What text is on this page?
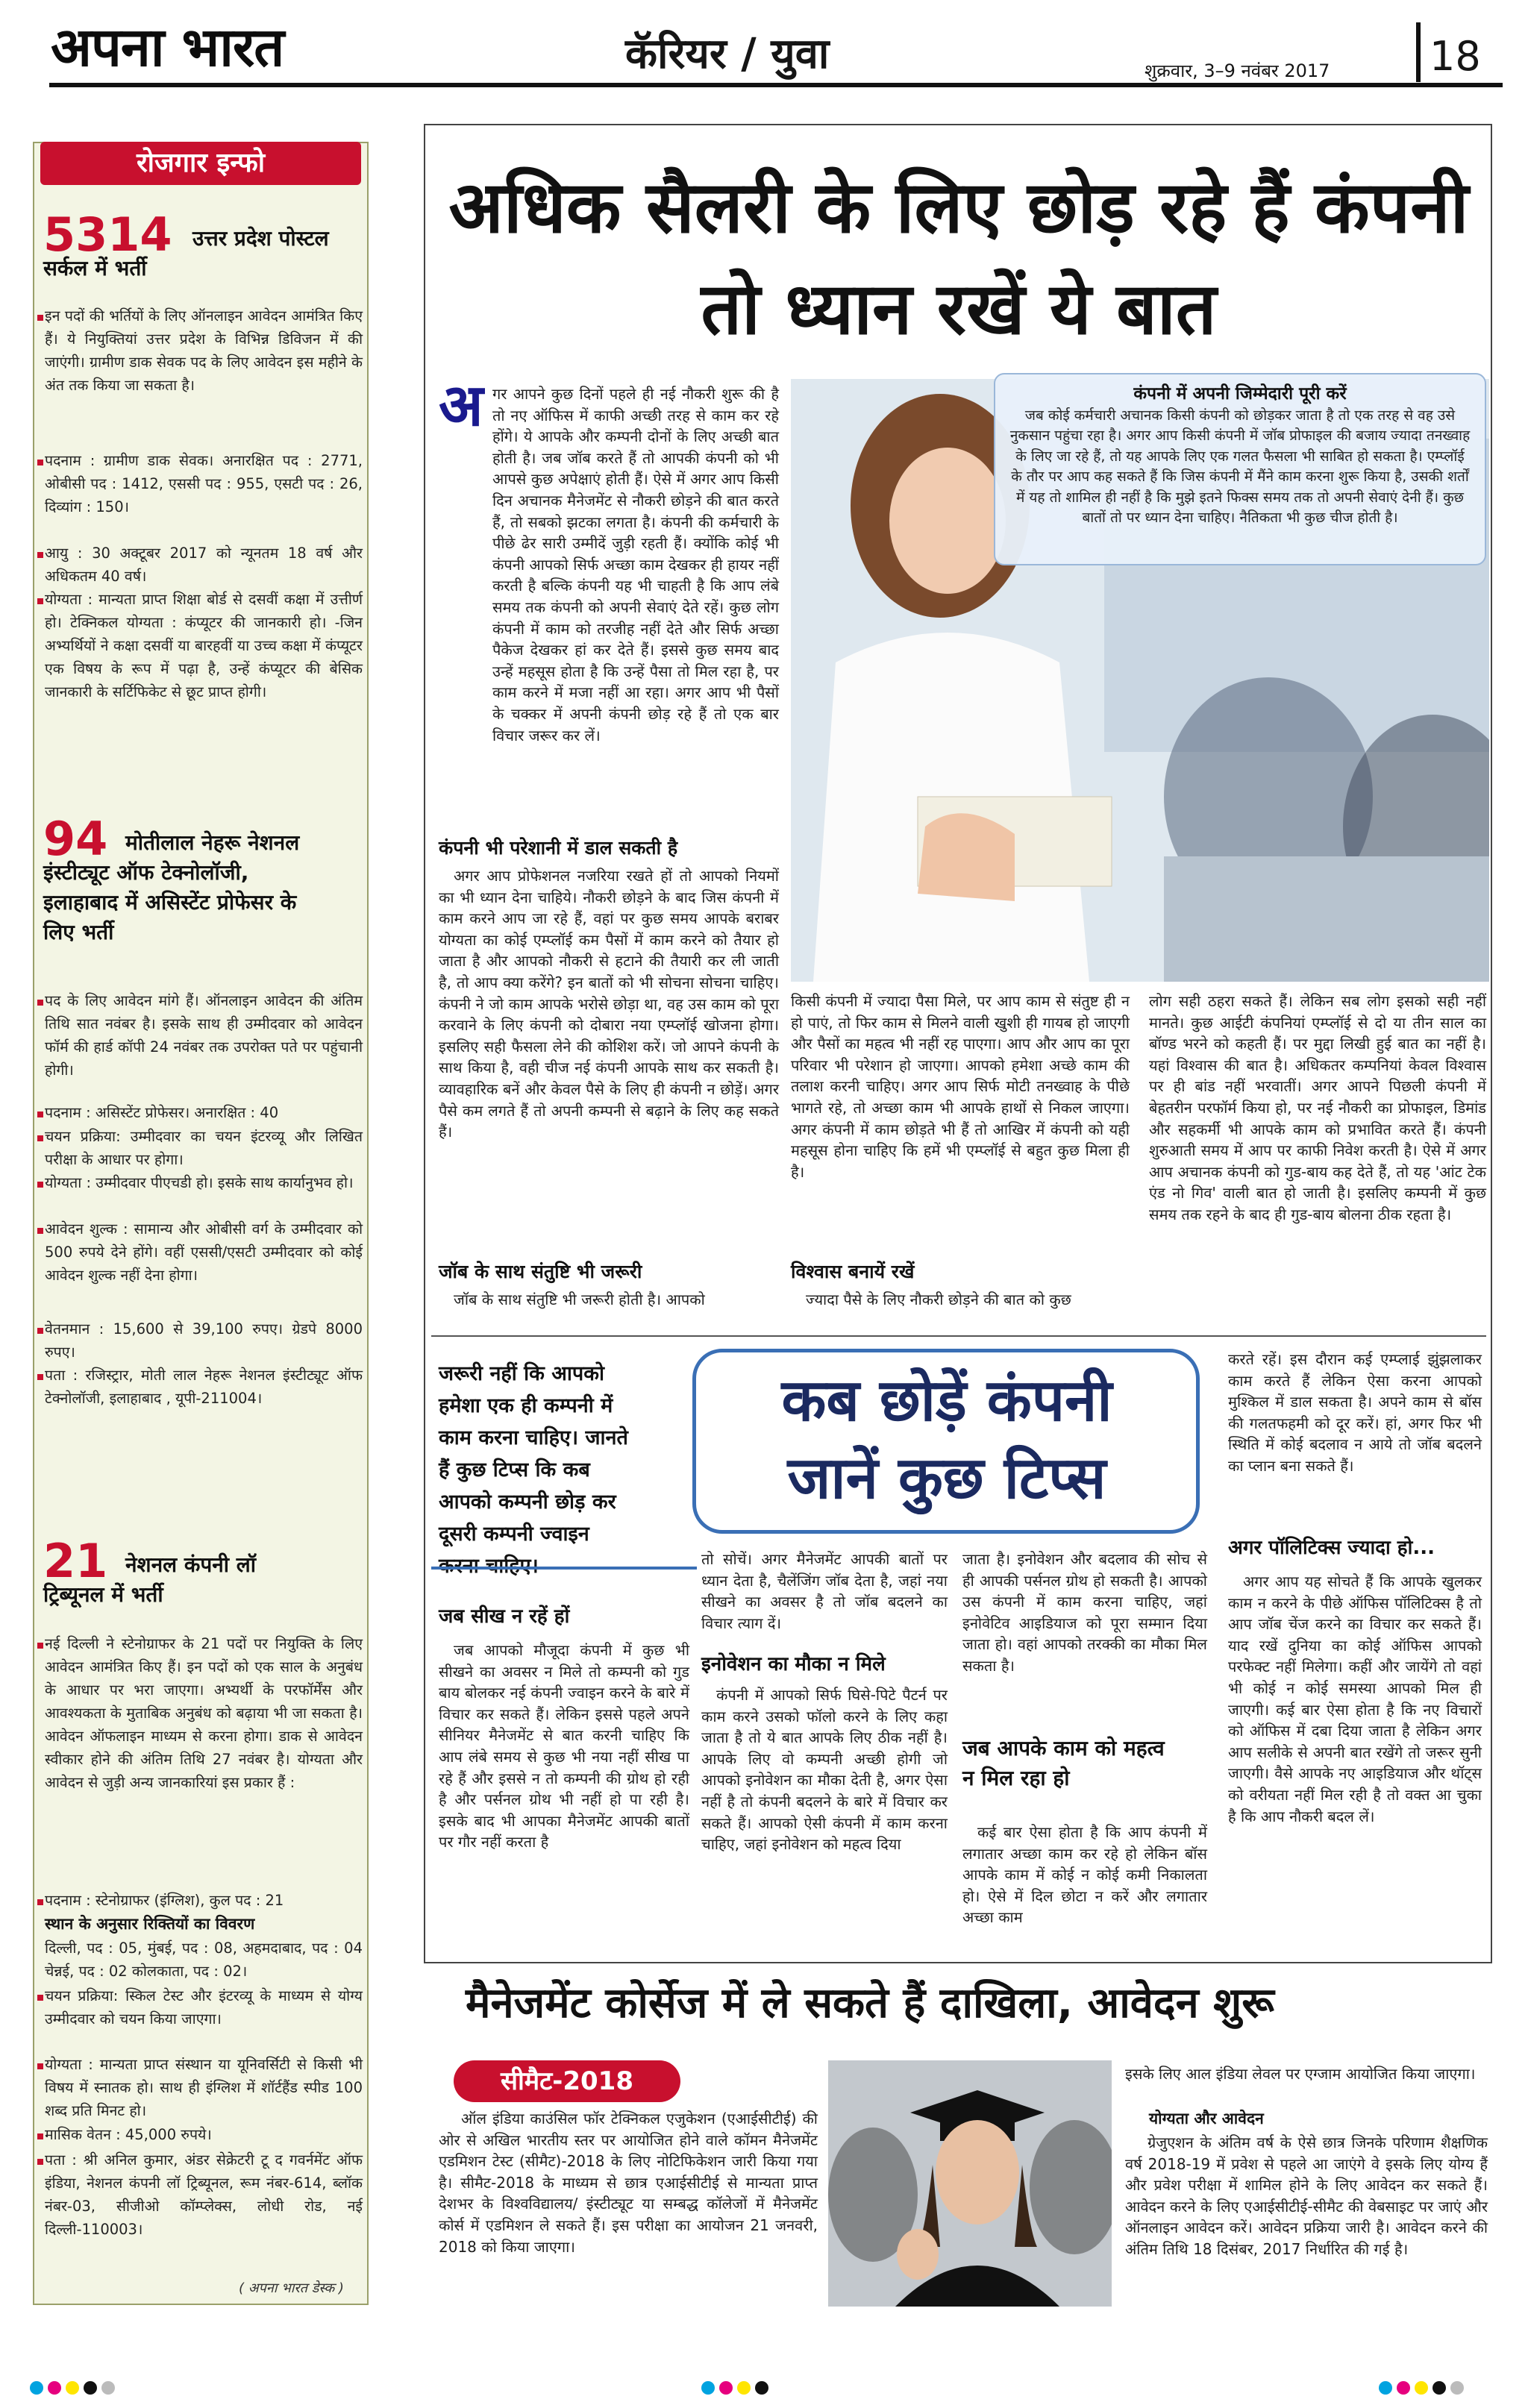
अपना भारत	कॅरियर / युवा	शुक्रवार, 3–9 नवंबर 2017 18
रोजगार इन्फो
5314 उत्तर प्रदेश पोस्टल
सर्कल में भर्ती
इन पदों की भर्तियों के लिए ऑनलाइन आवेदन आमंत्रित किए हैं। ये नियुक्तियां उत्तर प्रदेश के विभिन्न डिविजन में की जाएंगी। ग्रामीण डाक सेवक पद के लिए आवेदन इस महीने के अंत तक किया जा सकता है।
पदनाम : ग्रामीण डाक सेवक। अनारक्षित पद : 2771, ओबीसी पद : 1412, एससी पद : 955, एसटी पद : 26, दिव्यांग : 150।
आयु : 30 अक्टूबर 2017 को न्यूनतम 18 वर्ष और अधिकतम 40 वर्ष।
योग्यता : मान्यता प्राप्त शिक्षा बोर्ड से दसवीं कक्षा में उत्तीर्ण हो। टेक्निकल योग्यता : कंप्यूटर की जानकारी हो। -जिन अभ्यर्थियों ने कक्षा दसवीं या बारहवीं या उच्च कक्षा में कंप्यूटर एक विषय के रूप में पढ़ा है, उन्हें कंप्यूटर की बेसिक जानकारी के सर्टिफिकेट से छूट प्राप्त होगी।
94 मोतीलाल नेहरू नेशनल
इंस्टीट्यूट ऑफ टेक्नोलॉजी,
इलाहाबाद में असिस्टेंट प्रोफेसर के
लिए भर्ती
पद के लिए आवेदन मांगे हैं। ऑनलाइन आवेदन की अंतिम तिथि सात नवंबर है। इसके साथ ही उम्मीदवार को आवेदन फॉर्म की हार्ड कॉपी 24 नवंबर तक उपरोक्त पते पर पहुंचानी होगी।
पदनाम : असिस्टेंट प्रोफेसर। अनारक्षित : 40
चयन प्रक्रिया: उम्मीदवार का चयन इंटरव्यू और लिखित परीक्षा के आधार पर होगा।
योग्यता : उम्मीदवार पीएचडी हो। इसके साथ कार्यानुभव हो।
आवेदन शुल्क : सामान्य और ओबीसी वर्ग के उम्मीदवार को 500 रुपये देने होंगे। वहीं एससी/एसटी उम्मीदवार को कोई आवेदन शुल्क नहीं देना होगा।
वेतनमान : 15,600 से 39,100 रुपए। ग्रेडपे 8000 रुपए।
पता : रजिस्ट्रार, मोती लाल नेहरू नेशनल इंस्टीट्यूट ऑफ टेक्नोलॉजी, इलाहाबाद , यूपी-211004।
21 नेशनल कंपनी लॉ
ट्रिब्यूनल में भर्ती
नई दिल्ली ने स्टेनोग्राफर के 21 पदों पर नियुक्ति के लिए आवेदन आमंत्रित किए हैं। इन पदों को एक साल के अनुबंध के आधार पर भरा जाएगा। अभ्यर्थी के परफॉर्मेंस और आवश्यकता के मुताबिक अनुबंध को बढ़ाया भी जा सकता है। आवेदन ऑफलाइन माध्यम से करना होगा। डाक से आवेदन स्वीकार होने की अंतिम तिथि 27 नवंबर है। योग्यता और आवेदन से जुड़ी अन्य जानकारियां इस प्रकार हैं :
पदनाम : स्टेनोग्राफर (इंग्लिश), कुल पद : 21
स्थान के अनुसार रिक्तियों का विवरण
दिल्ली, पद : 05, मुंबई, पद : 08, अहमदाबाद, पद : 04 चेन्नई, पद : 02 कोलकाता, पद : 02।
चयन प्रक्रिया: स्किल टेस्ट और इंटरव्यू के माध्यम से योग्य उम्मीदवार को चयन किया जाएगा।
योग्यता : मान्यता प्राप्त संस्थान या यूनिवर्सिटी से किसी भी विषय में स्नातक हो। साथ ही इंग्लिश में शॉर्टहैंड स्पीड 100 शब्द प्रति मिनट हो।
मासिक वेतन : 45,000 रुपये।
पता : श्री अनिल कुमार, अंडर सेक्रेटरी टू द गवर्नमेंट ऑफ इंडिया, नेशनल कंपनी लॉ ट्रिब्यूनल, रूम नंबर-614, ब्लॉक नंबर-03, सीजीओ कॉम्प्लेक्स, लोधी रोड, नई दिल्ली-110003।
( अपना भारत डेस्क )
अधिक सैलरी के लिए छोड़ रहे हैं कंपनी तो ध्यान रखें ये बात
अ गर आपने कुछ दिनों पहले ही नई नौकरी शुरू की है तो नए ऑफिस में काफी अच्छी तरह से काम कर रहे होंगे। ये आपके और कम्पनी दोनों के लिए अच्छी बात होती है। जब जॉब करते हैं तो आपकी कंपनी को भी आपसे कुछ अपेक्षाएं होती हैं। ऐसे में अगर आप किसी दिन अचानक मैनेजमेंट से नौकरी छोड़ने की बात करते हैं, तो सबको झटका लगता है। कंपनी की कर्मचारी के पीछे ढेर सारी उम्मीदें जुड़ी रहती हैं। क्योंकि कोई भी कंपनी आपको सिर्फ अच्छा काम देखकर ही हायर नहीं करती है बल्कि कंपनी यह भी चाहती है कि आप लंबे समय तक कंपनी को अपनी सेवाएं देते रहें। कुछ लोग कंपनी में काम को तरजीह नहीं देते और सिर्फ अच्छा पैकेज देखकर हां कर देते हैं। इससे कुछ समय बाद उन्हें महसूस होता है कि उन्हें पैसा तो मिल रहा है, पर काम करने में मजा नहीं आ रहा। अगर आप भी पैसों के चक्कर में अपनी कंपनी छोड़ रहे हैं तो एक बार विचार जरूर कर लें।
कंपनी भी परेशानी में डाल सकती है
अगर आप प्रोफेशनल नजरिया रखते हों तो आपको नियमों का भी ध्यान देना चाहिये। नौकरी छोड़ने के बाद जिस कंपनी में काम करने आप जा रहे हैं, वहां पर कुछ समय आपके बराबर योग्यता का कोई एम्प्लॉई कम पैसों में काम करने को तैयार हो जाता है और आपको नौकरी से हटाने की तैयारी कर ली जाती है, तो आप क्या करेंगे? इन बातों को भी सोचना सोचना चाहिए। कंपनी ने जो काम आपके भरोसे छोड़ा था, वह उस काम को पूरा करवाने के लिए कंपनी को दोबारा नया एम्प्लॉई खोजना होगा। इसलिए सही फैसला लेने की कोशिश करें। जो आपने कंपनी के साथ किया है, वही चीज नई कंपनी आपके साथ कर सकती है। व्यावहारिक बनें और केवल पैसे के लिए ही कंपनी न छोड़ें। अगर पैसे कम लगते हैं तो अपनी कम्पनी से बढ़ाने के लिए कह सकते हैं।
जॉब के साथ संतुष्टि भी जरूरी
जॉब के साथ संतुष्टि भी जरूरी होती है। आपको
कंपनी में अपनी जिम्मेदारी पूरी करें
जब कोई कर्मचारी अचानक किसी कंपनी को छोड़कर जाता है तो एक तरह से वह उसे नुकसान पहुंचा रहा है। अगर आप किसी कंपनी में जॉब प्रोफाइल की बजाय ज्यादा तनख्वाह के लिए जा रहे हैं, तो यह आपके लिए एक गलत फैसला भी साबित हो सकता है। एम्प्लॉई के तौर पर आप कह सकते हैं कि जिस कंपनी में मैंने काम करना शुरू किया है, उसकी शर्तों में यह तो शामिल ही नहीं है कि मुझे इतने फिक्स समय तक तो अपनी सेवाएं देनी हैं। कुछ बातों तो पर ध्यान देना चाहिए। नैतिकता भी कुछ चीज होती है।
किसी कंपनी में ज्यादा पैसा मिले, पर आप काम से संतुष्ट ही न हो पाएं, तो फिर काम से मिलने वाली खुशी ही गायब हो जाएगी और पैसों का महत्व भी नहीं रह पाएगा। आप और आप का पूरा परिवार भी परेशान हो जाएगा। आपको हमेशा अच्छे काम की तलाश करनी चाहिए। अगर आप सिर्फ मोटी तनख्वाह के पीछे भागते रहे, तो अच्छा काम भी आपके हाथों से निकल जाएगा। अगर कंपनी में काम छोड़ते भी हैं तो आखिर में कंपनी को यही महसूस होना चाहिए कि हमें भी एम्प्लॉई से बहुत कुछ मिला ही है।
विश्वास बनायें रखें
ज्यादा पैसे के लिए नौकरी छोड़ने की बात को कुछ
लोग सही ठहरा सकते हैं। लेकिन सब लोग इसको सही नहीं मानते। कुछ आईटी कंपनियां एम्प्लॉई से दो या तीन साल का बॉण्ड भरने को कहती हैं। पर मुद्दा लिखी हुई बात का नहीं है। यहां विश्वास की बात है। अधिकतर कम्पनियां केवल विश्वास पर ही बांड नहीं भरवातीं। अगर आपने पिछली कंपनी में बेहतरीन परफॉर्म किया हो, पर नई नौकरी का प्रोफाइल, डिमांड और सहकर्मी भी आपके काम को प्रभावित करते हैं। कंपनी शुरुआती समय में आप पर काफी निवेश करती है। ऐसे में अगर आप अचानक कंपनी को गुड-बाय कह देते हैं, तो यह 'आंट टेक एंड नो गिव' वाली बात हो जाती है। इसलिए कम्पनी में कुछ समय तक रहने के बाद ही गुड-बाय बोलना ठीक रहता है।
जरूरी नहीं कि आपको
हमेशा एक ही कम्पनी में
काम करना चाहिए। जानते
हैं कुछ टिप्स कि कब
आपको कम्पनी छोड़ कर
दूसरी कम्पनी ज्वाइन

कब छोड़ें कंपनी
जानें कुछ टिप्स
जब सीख न रहें हों
जब आपको मौजूदा कंपनी में कुछ भी सीखने का अवसर न मिले तो कम्पनी को गुड बाय बोलकर नई कंपनी ज्वाइन करने के बारे में विचार कर सकते हैं। लेकिन इससे पहले अपने सीनियर मैनेजमेंट से बात करनी चाहिए कि आप लंबे समय से कुछ भी नया नहीं सीख पा रहे हैं और इससे न तो कम्पनी की ग्रोथ हो रही है और पर्सनल ग्रोथ भी नहीं हो पा रही है। इसके बाद भी आपका मैनेजमेंट आपकी बातों पर गौर नहीं करता है
तो सोचें। अगर मैनेजमेंट आपकी बातों पर ध्यान देता है, चैलेंजिंग जॉब देता है, जहां नया सीखने का अवसर है तो जॉब बदलने का विचार त्याग दें।
इनोवेशन का मौका न मिले
कंपनी में आपको सिर्फ घिसे-पिटे पैटर्न पर काम करने उसको फॉलो करने के लिए कहा जाता है तो ये बात आपके लिए ठीक नहीं है। आपके लिए वो कम्पनी अच्छी होगी जो आपको इनोवेशन का मौका देती है, अगर ऐसा नहीं है तो कंपनी बदलने के बारे में विचार कर सकते हैं। आपको ऐसी कंपनी में काम करना चाहिए, जहां इनोवेशन को महत्व दिया
जाता है। इनोवेशन और बदलाव की सोच से ही आपकी पर्सनल ग्रोथ हो सकती है। आपको उस कंपनी में काम करना चाहिए, जहां इनोवेटिव आइडियाज को पूरा सम्मान दिया जाता हो। वहां आपको तरक्की का मौका मिल सकता है।
जब आपके काम को महत्व
न मिल रहा हो
कई बार ऐसा होता है कि आप कंपनी में लगातार अच्छा काम कर रहे हो लेकिन बॉस आपके काम में कोई न कोई कमी निकालता हो। ऐसे में दिल छोटा न करें और लगातार अच्छा काम
करते रहें। इस दौरान कई एम्प्लाई झुंझलाकर काम करते हैं लेकिन ऐसा करना आपको मुश्किल में डाल सकता है। अपने काम से बॉस की गलतफहमी को दूर करें। हां, अगर फिर भी स्थिति में कोई बदलाव न आये तो जॉब बदलने का प्लान बना सकते हैं।
अगर पॉलिटिक्स ज्यादा हो...
अगर आप यह सोचते हैं कि आपके खुलकर काम न करने के पीछे ऑफिस पॉलिटिक्स है तो आप जॉब चेंज करने का विचार कर सकते हैं। याद रखें दुनिया का कोई ऑफिस आपको परफेक्ट नहीं मिलेगा। कहीं और जायेंगे तो वहां भी कोई न कोई समस्या आपको मिल ही जाएगी। कई बार ऐसा होता है कि नए विचारों को ऑफिस में दबा दिया जाता है लेकिन अगर आप सलीके से अपनी बात रखेंगे तो जरूर सुनी जाएगी। वैसे आपके नए आइडियाज और थॉट्स को वरीयता नहीं मिल रही है तो वक्त आ चुका है कि आप नौकरी बदल लें।
मैनेजमेंट कोर्सेज में ले सकते हैं दाखिला, आवेदन शुरू
सीमैट-2018
ऑल इंडिया काउंसिल फॉर टेक्निकल एजुकेशन (एआईसीटीई) की ओर से अखिल भारतीय स्तर पर आयोजित होने वाले कॉमन मैनेजमेंट एडमिशन टेस्ट (सीमैट)-2018 के लिए नोटिफिकेशन जारी किया गया है। सीमैट-2018 के माध्यम से छात्र एआईसीटीई से मान्यता प्राप्त देशभर के विश्वविद्यालय/ इंस्टीट्यूट या सम्बद्ध कॉलेजों में मैनेजमेंट कोर्स में एडमिशन ले सकते हैं। इस परीक्षा का आयोजन 21 जनवरी, 2018 को किया जाएगा।
इसके लिए आल इंडिया लेवल पर एग्जाम आयोजित किया जाएगा।
योग्यता और आवेदन
ग्रेजुएशन के अंतिम वर्ष के ऐसे छात्र जिनके परिणाम शैक्षणिक वर्ष 2018-19 में प्रवेश से पहले आ जाएंगे वे इसके लिए योग्य हैं और प्रवेश परीक्षा में शामिल होने के लिए आवेदन कर सकते हैं। आवेदन करने के लिए एआईसीटीई-सीमैट की वेबसाइट पर जाएं और ऑनलाइन आवेदन करें। आवेदन प्रक्रिया जारी है। आवेदन करने की अंतिम तिथि 18 दिसंबर, 2017 निर्धारित की गई है।
